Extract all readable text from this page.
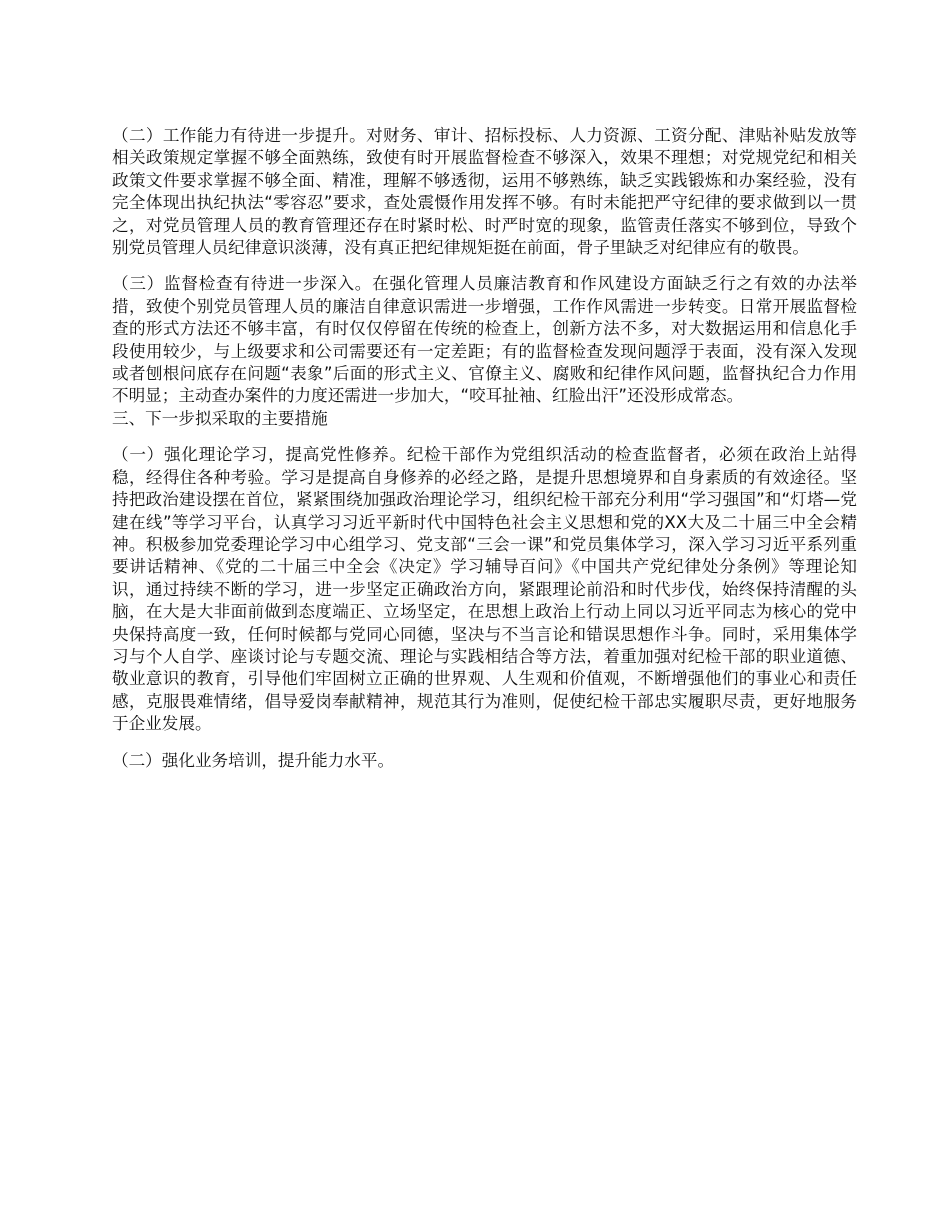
（二）工作能力有待进一步提升。对财务、审计、招标投标、人力资源、工资分配、津贴补贴发放等相关政策规定掌握不够全面熟练，致使有时开展监督检查不够深入，效果不理想；对党规党纪和相关政策文件要求掌握不够全面、精准，理解不够透彻，运用不够熟练，缺乏实践锻炼和办案经验，没有完全体现出执纪执法“零容忍”要求，查处震慑作用发挥不够。有时未能把严守纪律的要求做到以一贯之，对党员管理人员的教育管理还存在时紧时松、时严时宽的现象，监管责任落实不够到位，导致个别党员管理人员纪律意识淡薄，没有真正把纪律规矩挺在前面，骨子里缺乏对纪律应有的敬畏。

（三）监督检查有待进一步深入。在强化管理人员廉洁教育和作风建设方面缺乏行之有效的办法举措，致使个别党员管理人员的廉洁自律意识需进一步增强，工作作风需进一步转变。日常开展监督检查的形式方法还不够丰富，有时仅仅停留在传统的检查上，创新方法不多，对大数据运用和信息化手段使用较少，与上级要求和公司需要还有一定差距；有的监督检查发现问题浮于表面，没有深入发现或者刨根问底存在问题“表象”后面的形式主义、官僚主义、腐败和纪律作风问题，监督执纪合力作用不明显；主动查办案件的力度还需进一步加大，“咬耳扯袖、红脸出汗”还没形成常态。

三、下一步拟采取的主要措施

（一）强化理论学习，提高党性修养。纪检干部作为党组织活动的检查监督者，必须在政治上站得稳，经得住各种考验。学习是提高自身修养的必经之路，是提升思想境界和自身素质的有效途径。坚持把政治建设摆在首位，紧紧围绕加强政治理论学习，组织纪检干部充分利用“学习强国”和“灯塔—党建在线”等学习平台，认真学习习近平新时代中国特色社会主义思想和党的XX大及二十届三中全会精神。积极参加党委理论学习中心组学习、党支部“三会一课”和党员集体学习，深入学习习近平系列重要讲话精神、《党的二十届三中全会《决定》学习辅导百问》《中国共产党纪律处分条例》等理论知识，通过持续不断的学习，进一步坚定正确政治方向，紧跟理论前沿和时代步伐，始终保持清醒的头脑，在大是大非面前做到态度端正、立场坚定，在思想上政治上行动上同以习近平同志为核心的党中央保持高度一致，任何时候都与党同心同德，坚决与不当言论和错误思想作斗争。同时，采用集体学习与个人自学、座谈讨论与专题交流、理论与实践相结合等方法，着重加强对纪检干部的职业道德、敬业意识的教育，引导他们牢固树立正确的世界观、人生观和价值观，不断增强他们的事业心和责任感，克服畏难情绪，倡导爱岗奉献精神，规范其行为准则，促使纪检干部忠实履职尽责，更好地服务于企业发展。

（二）强化业务培训，提升能力水平。
